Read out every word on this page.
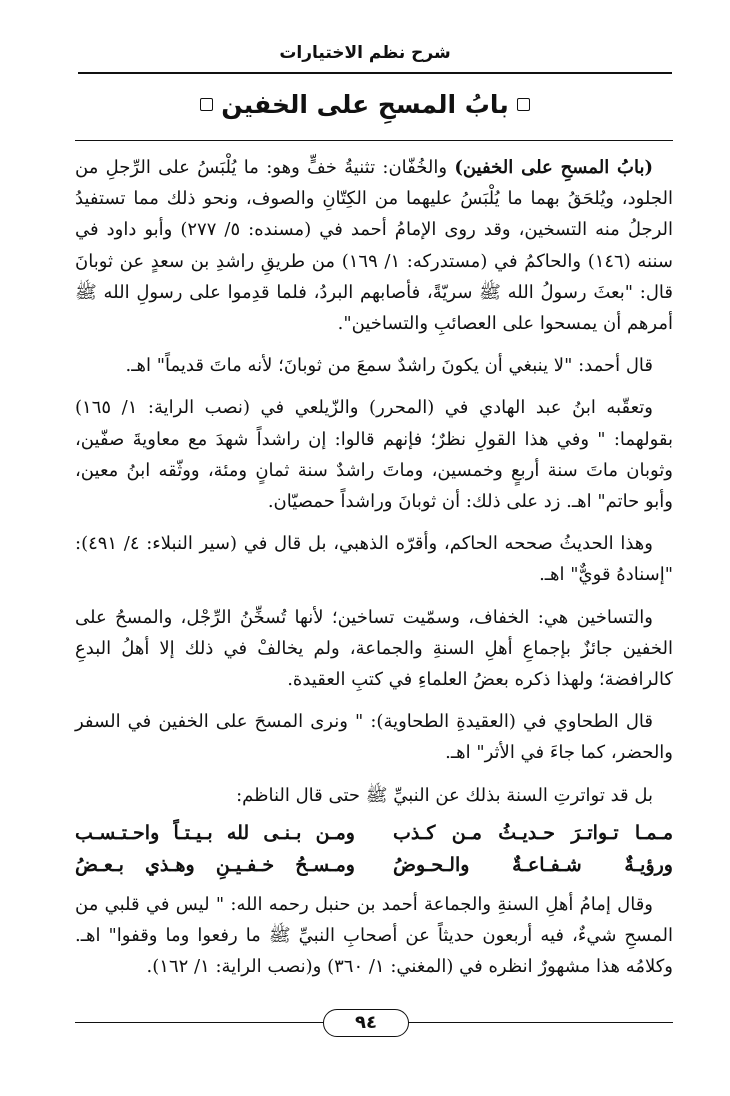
شرح نظم الاختيارات
بابُ المسحِ على الخفين

(بابُ المسحِ على الخفين) والخُفّان: تثنيةُ خفٍّ وهو: ما يُلْبَسُ على الرِّجلِ من الجلود، ويُلحَقُ بهما ما يُلْبَسُ عليهما من الكِتّانِ والصوف، ونحو ذلك مما تستفيدُ الرجلُ منه التسخين، وقد روى الإمامُ أحمد في (مسنده: ٥/ ٢٧٧) وأبو داود في سننه (١٤٦) والحاكمُ في (مستدركه: ١/ ١٦٩) من طريقِ راشدِ بن سعدٍ عن ثوبانَ قال: "بعثَ رسولُ الله ﷺ سريّةً، فأصابهم البردُ، فلما قدِموا على رسولِ الله ﷺ أمرهم أن يمسحوا على العصائبِ والتساخين".

قال أحمد: "لا ينبغي أن يكونَ راشدٌ سمعَ من ثوبانَ؛ لأنه ماتَ قديماً" اهـ.

وتعقّبه ابنُ عبد الهادي في (المحرر) والزّيلعي في (نصب الراية: ١/ ١٦٥) بقولهما: " وفي هذا القولِ نظرٌ؛ فإنهم قالوا: إن راشداً شهدَ مع معاويةَ صفّين، وثوبان ماتَ سنة أربعٍ وخمسين، وماتَ راشدٌ سنة ثمانٍ ومئة، ووثّقه ابنُ معين، وأبو حاتم" اهـ. زد على ذلك: أن ثوبانَ وراشداً حمصيّان.

وهذا الحديثُ صححه الحاكم، وأقرّه الذهبي، بل قال في (سير النبلاء: ٤/ ٤٩١): "إسنادهُ قويٌّ" اهـ.

والتساخين هي: الخفاف، وسمّيت تساخين؛ لأنها تُسخِّنُ الرِّجْل، والمسحُ على الخفين جائزٌ بإجماعِ أهلِ السنةِ والجماعة، ولم يخالفْ في ذلك إلا أهلُ البدعِ كالرافضة؛ ولهذا ذكره بعضُ العلماءِ في كتبِ العقيدة.

قال الطحاوي في (العقيدةِ الطحاوية): " ونرى المسحَ على الخفين في السفر والحضر، كما جاءَ في الأثر" اهـ.

بل قد تواترتِ السنة بذلك عن النبيِّ ﷺ حتى قال الناظم:

مـمـا تـواتـرَ حـديـثُ مـن كـذب
ومـن بـنـى لله بـيـتـاً واحـتـسـب
ورؤيـةٌ شـفـاعـةٌ والـحـوضُ
ومـسـحُ خـفـيـنِ وهـذي بـعـضُ

وقال إمامُ أهلِ السنةِ والجماعة أحمد بن حنبل رحمه الله: " ليس في قلبي من المسحِ شيءٌ، فيه أربعون حديثاً عن أصحابِ النبيِّ ﷺ ما رفعوا وما وقفوا" اهـ. وكلامُه هذا مشهورٌ انظره في (المغني: ١/ ٣٦٠) و(نصب الراية: ١/ ١٦٢).

٩٤
